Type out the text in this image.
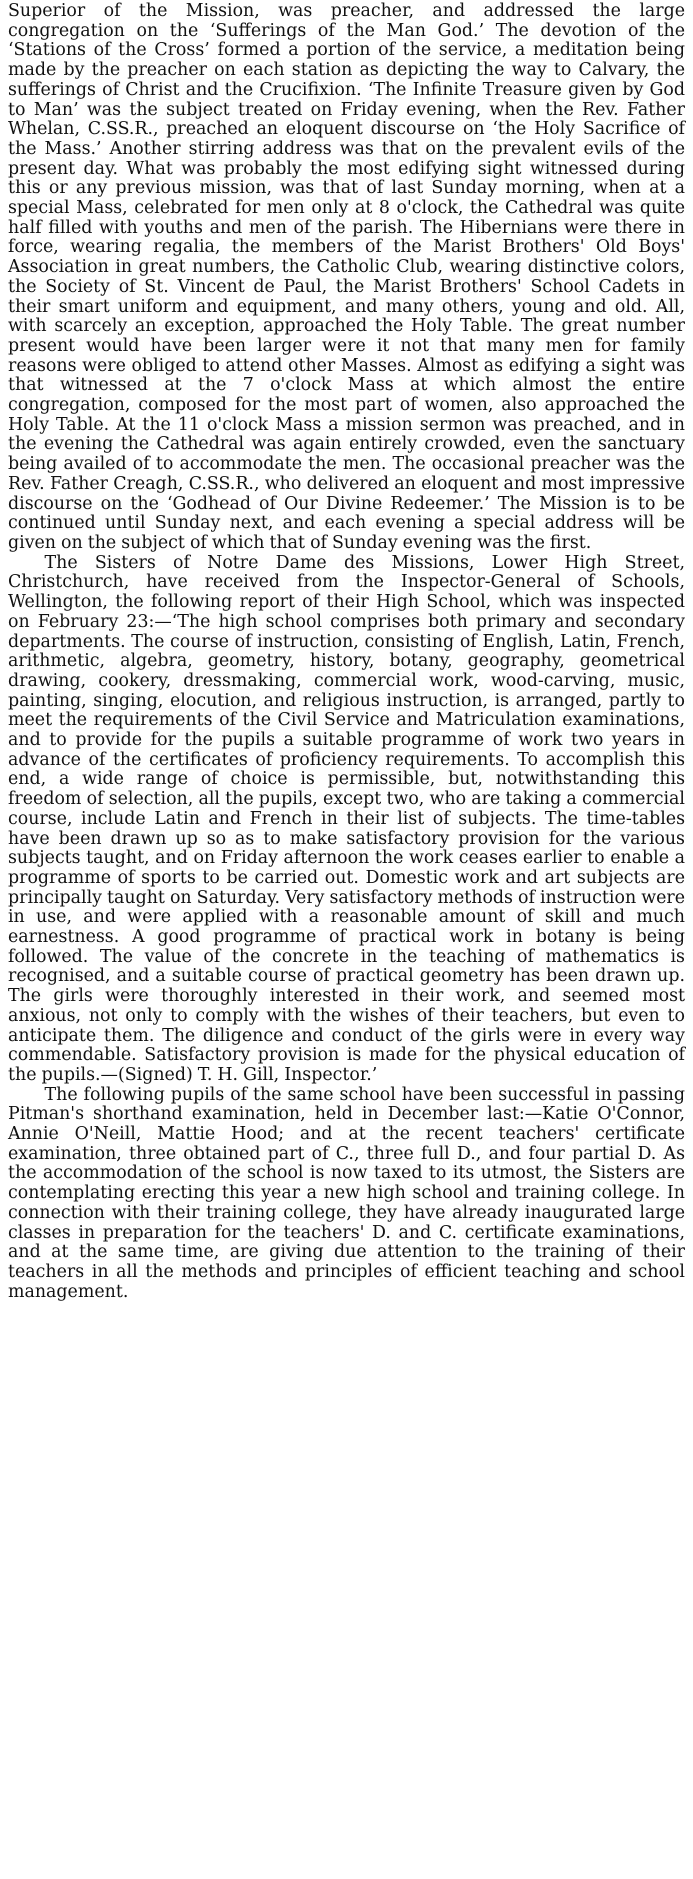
Superior of the Mission, was preacher, and addressed the large congregation on the ‘Sufferings of the Man God.’ The devotion of the ‘Stations of the Cross’ formed a portion of the service, a meditation being made by the preacher on each station as depicting the way to Calvary, the sufferings of Christ and the Crucifixion. ‘The Infinite Treasure given by God to Man’ was the subject treated on Friday evening, when the Rev. Father Whelan, C.SS.R., preached an eloquent discourse on ‘the Holy Sacrifice of the Mass.’ Another stirring address was that on the prevalent evils of the present day. What was probably the most edifying sight witnessed during this or any previous mission, was that of last Sunday morning, when at a special Mass, celebrated for men only at 8 o'clock, the Cathedral was quite half filled with youths and men of the parish. The Hibernians were there in force, wearing regalia, the members of the Marist Brothers' Old Boys' Association in great numbers, the Catholic Club, wearing distinctive colors, the Society of St. Vincent de Paul, the Marist Brothers' School Cadets in their smart uniform and equipment, and many others, young and old. All, with scarcely an exception, approached the Holy Table. The great number present would have been larger were it not that many men for family reasons were obliged to attend other Masses. Almost as edifying a sight was that witnessed at the 7 o'clock Mass at which almost the entire congregation, composed for the most part of women, also approached the Holy Table. At the 11 o'clock Mass a mission sermon was preached, and in the evening the Cathedral was again entirely crowded, even the sanctuary being availed of to accommodate the men. The occasional preacher was the Rev. Father Creagh, C.SS.R., who delivered an eloquent and most impressive discourse on the ‘Godhead of Our Divine Redeemer.’ The Mission is to be continued until Sunday next, and each evening a special address will be given on the subject of which that of Sunday evening was the first.

The Sisters of Notre Dame des Missions, Lower High Street, Christchurch, have received from the Inspector-General of Schools, Wellington, the following report of their High School, which was inspected on February 23:—‘The high school comprises both primary and secondary departments. The course of instruction, consisting of English, Latin, French, arithmetic, algebra, geometry, history, botany, geography, geometrical drawing, cookery, dressmaking, commercial work, wood-carving, music, painting, singing, elocution, and religious instruction, is arranged, partly to meet the requirements of the Civil Service and Matriculation examinations, and to provide for the pupils a suitable programme of work two years in advance of the certificates of proficiency requirements. To accomplish this end, a wide range of choice is permissible, but, notwithstanding this freedom of selection, all the pupils, except two, who are taking a commercial course, include Latin and French in their list of subjects. The time-tables have been drawn up so as to make satisfactory provision for the various subjects taught, and on Friday afternoon the work ceases earlier to enable a programme of sports to be carried out. Domestic work and art subjects are principally taught on Saturday. Very satisfactory methods of instruction were in use, and were applied with a reasonable amount of skill and much earnestness. A good programme of practical work in botany is being followed. The value of the concrete in the teaching of mathematics is recognised, and a suitable course of practical geometry has been drawn up. The girls were thoroughly interested in their work, and seemed most anxious, not only to comply with the wishes of their teachers, but even to anticipate them. The diligence and conduct of the girls were in every way commendable. Satisfactory provision is made for the physical education of the pupils.—(Signed) T. H. Gill, Inspector.’

The following pupils of the same school have been successful in passing Pitman's shorthand examination, held in December last:—Katie O'Connor, Annie O'Neill, Mattie Hood; and at the recent teachers' certificate examination, three obtained part of C., three full D., and four partial D. As the accommodation of the school is now taxed to its utmost, the Sisters are contemplating erecting this year a new high school and training college. In connection with their training college, they have already inaugurated large classes in preparation for the teachers' D. and C. certificate examinations, and at the same time, are giving due attention to the training of their teachers in all the methods and principles of efficient teaching and school management.
